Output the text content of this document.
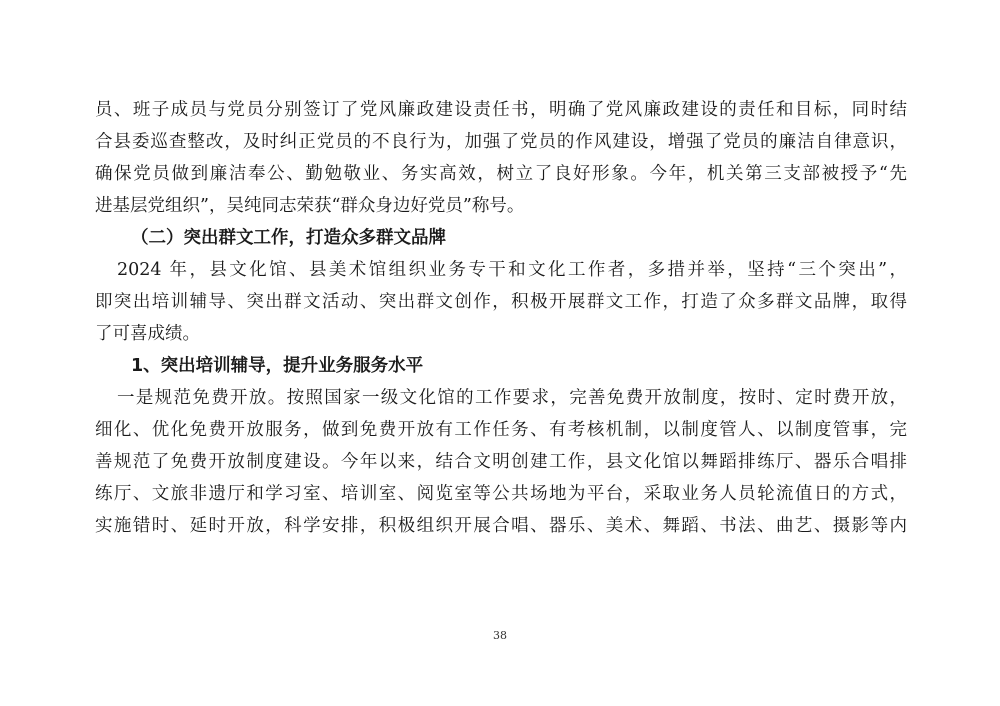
员、班子成员与党员分别签订了党风廉政建设责任书，明确了党风廉政建设的责任和目标，同时结
合县委巡查整改，及时纠正党员的不良行为，加强了党员的作风建设，增强了党员的廉洁自律意识，
确保党员做到廉洁奉公、勤勉敬业、务实高效，树立了良好形象。今年，机关第三支部被授予“先
进基层党组织”，吴纯同志荣获“群众身边好党员”称号。
（二）突出群文工作，打造众多群文品牌
2024 年，县文化馆、县美术馆组织业务专干和文化工作者，多措并举，坚持“三个突出”，
即突出培训辅导、突出群文活动、突出群文创作，积极开展群文工作，打造了众多群文品牌，取得
了可喜成绩。
1、突出培训辅导，提升业务服务水平
一是规范免费开放。按照国家一级文化馆的工作要求，完善免费开放制度，按时、定时费开放，
细化、优化免费开放服务，做到免费开放有工作任务、有考核机制，以制度管人、以制度管事，完
善规范了免费开放制度建设。今年以来，结合文明创建工作，县文化馆以舞蹈排练厅、器乐合唱排
练厅、文旅非遗厅和学习室、培训室、阅览室等公共场地为平台，采取业务人员轮流值日的方式，
实施错时、延时开放，科学安排，积极组织开展合唱、器乐、美术、舞蹈、书法、曲艺、摄影等内
38
